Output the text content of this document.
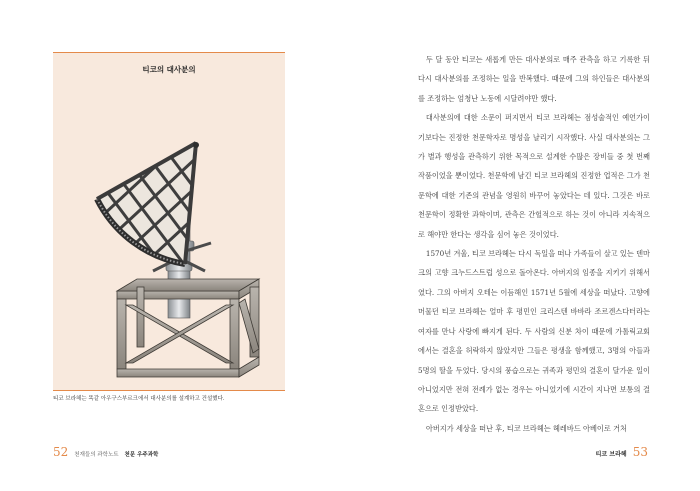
티코의 대사분의
티코 브라헤는 똑같 아우구스부르크에서 대사분의를 설계하고 건설했다.
52 천재들의 과학노트 천문 우주과학

두 달 동안 티코는 새롭게 만든 대사분의로 매주 관측을 하고 기록한 뒤 다시 대사분의를 조정하는 일을 반복했다. 때문에 그의 하인들은 대사분의를 조정하는 엄청난 노동에 시달려야만 했다.

대사분의에 대한 소문이 퍼지면서 티코 브라헤는 점성술적인 예언가이기보다는 진정한 천문학자로 명성을 날리기 시작했다. 사실 대사분의는 그가 별과 행성을 관측하기 위한 목적으로 설계한 수많은 장비들 중 첫 번째 작품이었을 뿐이었다. 천문학에 남긴 티코 브라헤의 진정한 업적은 그가 천문학에 대한 기존의 관념을 영원히 바꾸어 놓았다는 데 있다. 그것은 바로 천문학이 정확한 과학이며, 관측은 간헐적으로 하는 것이 아니라 지속적으로 해야만 한다는 생각을 심어 놓은 것이었다.

1570년 겨울, 티코 브라헤는 다시 독일을 떠나 가족들이 살고 있는 덴마크의 고향 크누드스트럽 성으로 돌아온다. 아버지의 임종을 지키기 위해서였다. 그의 아버지 오테는 이듬해인 1571년 5월에 세상을 떠났다. 고향에 머물던 티코 브라헤는 얼마 후 평민인 크리스텐 바바라 조르겐스다터라는 여자를 만나 사랑에 빠지게 된다. 두 사람의 신분 차이 때문에 가톨릭교회에서는 결혼을 허락하지 않았지만 그들은 평생을 함께했고, 3명의 아들과 5명의 딸을 두었다. 당시의 풍습으로는 귀족과 평민의 결혼이 달가운 일이 아니었지만 전혀 전례가 없는 경우는 아니었기에 시간이 지나면 보통의 결혼으로 인정받았다.

아버지가 세상을 떠난 후, 티코 브라헤는 헤레바드 아베이로 거처

티코 브라헤 53
